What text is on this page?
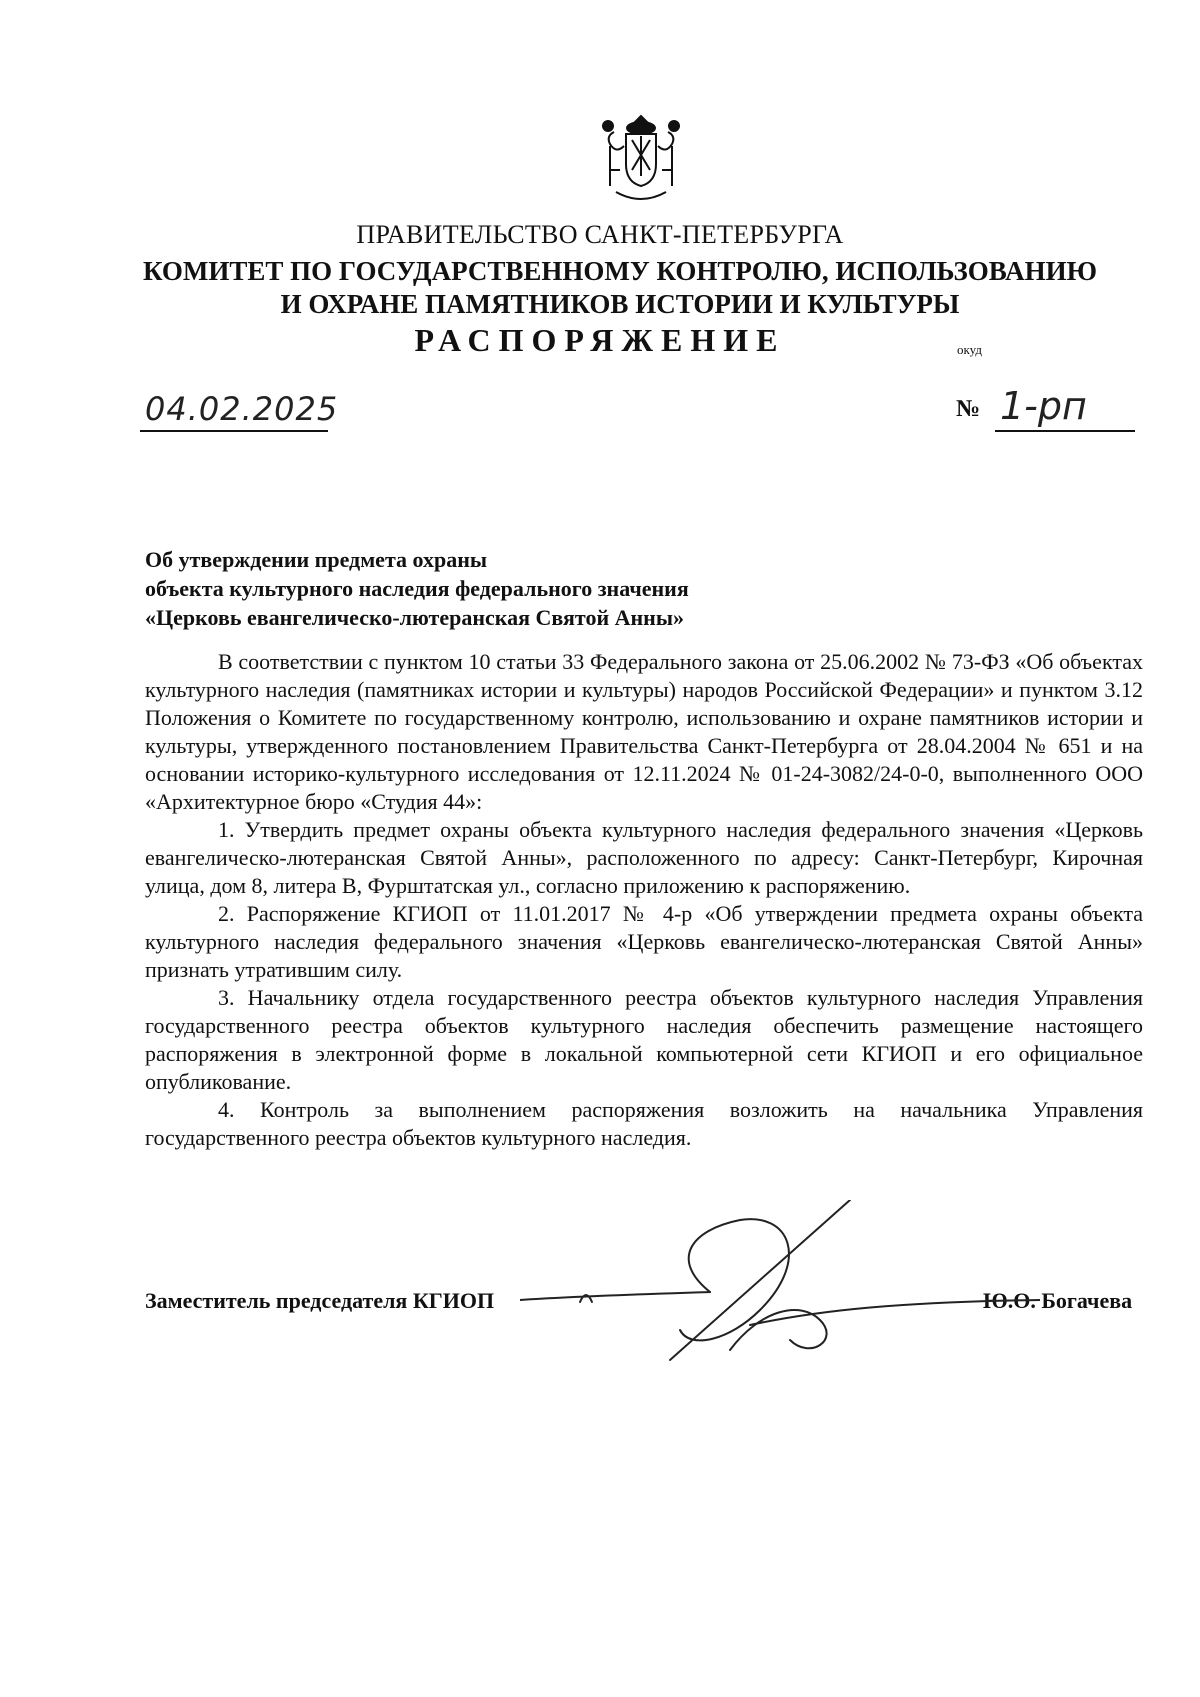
ПРАВИТЕЛЬСТВО САНКТ-ПЕТЕРБУРГА
КОМИТЕТ ПО ГОСУДАРСТВЕННОМУ КОНТРОЛЮ, ИСПОЛЬЗОВАНИЮ
И ОХРАНЕ ПАМЯТНИКОВ ИСТОРИИ И КУЛЬТУРЫ
РАСПОРЯЖЕНИЕ	окуд
04.02.2025	№ 1-рп
Об утверждении предмета охраны
объекта культурного наследия федерального значения
«Церковь евангелическо-лютеранская Святой Анны»

В соответствии с пунктом 10 статьи 33 Федерального закона от 25.06.2002 № 73-ФЗ «Об объектах культурного наследия (памятниках истории и культуры) народов Российской Федерации» и пунктом 3.12 Положения о Комитете по государственному контролю, использованию и охране памятников истории и культуры, утвержденного постановлением Правительства Санкт-Петербурга от 28.04.2004 № 651 и на основании историко-культурного исследования от 12.11.2024 № 01-24-3082/24-0-0, выполненного ООО «Архитектурное бюро «Студия 44»:

1. Утвердить предмет охраны объекта культурного наследия федерального значения «Церковь евангелическо-лютеранская Святой Анны», расположенного по адресу: Санкт-Петербург, Кирочная улица, дом 8, литера В, Фурштатская ул., согласно приложению к распоряжению.

2. Распоряжение КГИОП от 11.01.2017 № 4-р «Об утверждении предмета охраны объекта культурного наследия федерального значения «Церковь евангелическо-лютеранская Святой Анны» признать утратившим силу.

3. Начальнику отдела государственного реестра объектов культурного наследия Управления государственного реестра объектов культурного наследия обеспечить размещение настоящего распоряжения в электронной форме в локальной компьютерной сети КГИОП и его официальное опубликование.

4. Контроль за выполнением распоряжения возложить на начальника Управления государственного реестра объектов культурного наследия.

Заместитель председателя КГИОП	Ю.О. Богачева
